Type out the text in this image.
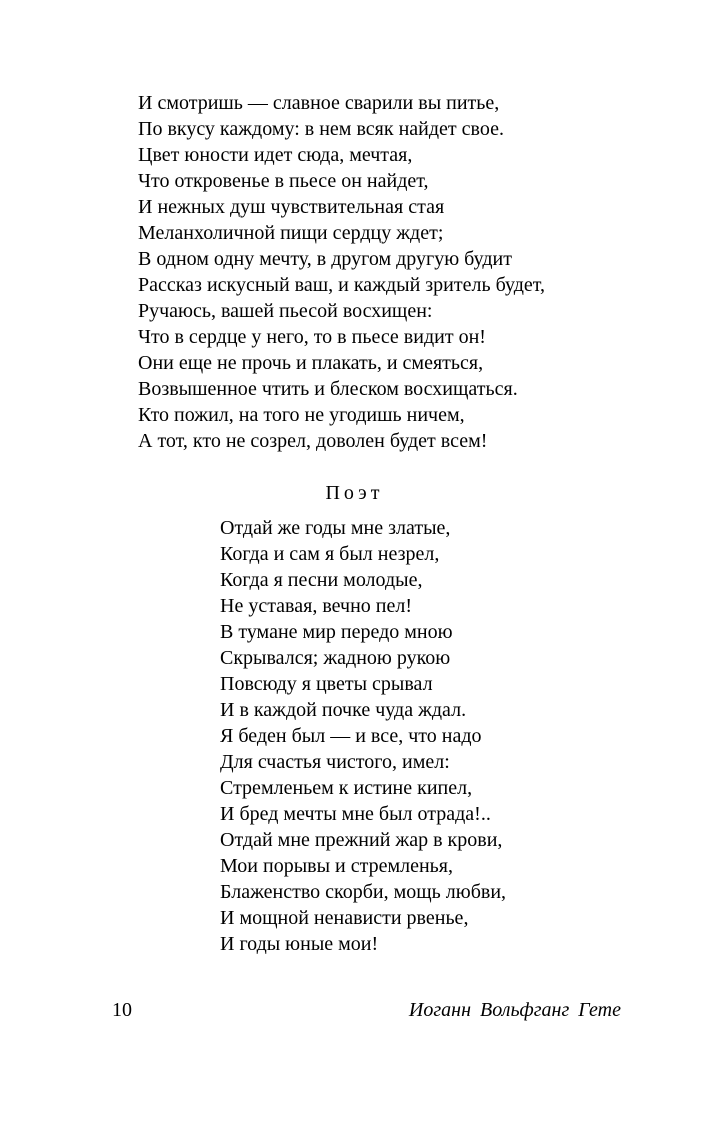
И смотришь — славное сварили вы питье,
По вкусу каждому: в нем всяк найдет свое.
Цвет юности идет сюда, мечтая,
Что откровенье в пьесе он найдет,
И нежных душ чувствительная стая
Меланхоличной пищи сердцу ждет;
В одном одну мечту, в другом другую будит
Рассказ искусный ваш, и каждый зритель будет,
Ручаюсь, вашей пьесой восхищен:
Что в сердце у него, то в пьесе видит он!
Они еще не прочь и плакать, и смеяться,
Возвышенное чтить и блеском восхищаться.
Кто пожил, на того не угодишь ничем,
А тот, кто не созрел, доволен будет всем!
Поэт
Отдай же годы мне златые,
Когда и сам я был незрел,
Когда я песни молодые,
Не уставая, вечно пел!
В тумане мир передо мною
Скрывался; жадною рукою
Повсюду я цветы срывал
И в каждой почке чуда ждал.
Я беден был — и все, что надо
Для счастья чистого, имел:
Стремленьем к истине кипел,
И бред мечты мне был отрада!..
Отдай мне прежний жар в крови,
Мои порывы и стремленья,
Блаженство скорби, мощь любви,
И мощной ненависти рвенье,
И годы юные мои!
10	Иоганн Вольфганг Гете
